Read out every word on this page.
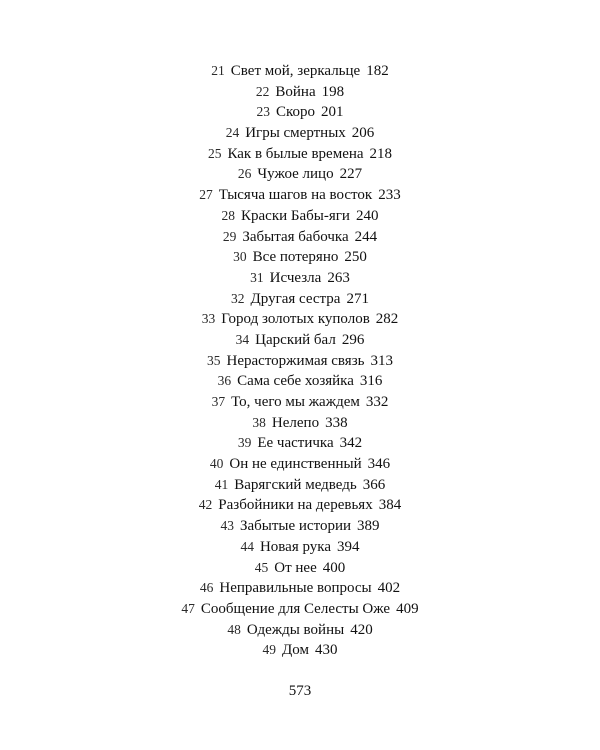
21 Свет мой, зеркальце 182
22 Война 198
23 Скоро 201
24 Игры смертных 206
25 Как в былые времена 218
26 Чужое лицо 227
27 Тысяча шагов на восток 233
28 Краски Бабы-яги 240
29 Забытая бабочка 244
30 Все потеряно 250
31 Исчезла 263
32 Другая сестра 271
33 Город золотых куполов 282
34 Царский бал 296
35 Нерасторжимая связь 313
36 Сама себе хозяйка 316
37 То, чего мы жаждем 332
38 Нелепо 338
39 Ее частичка 342
40 Он не единственный 346
41 Варягский медведь 366
42 Разбойники на деревьях 384
43 Забытые истории 389
44 Новая рука 394
45 От нее 400
46 Неправильные вопросы 402
47 Сообщение для Селесты Оже 409
48 Одежды войны 420
49 Дом 430
573
